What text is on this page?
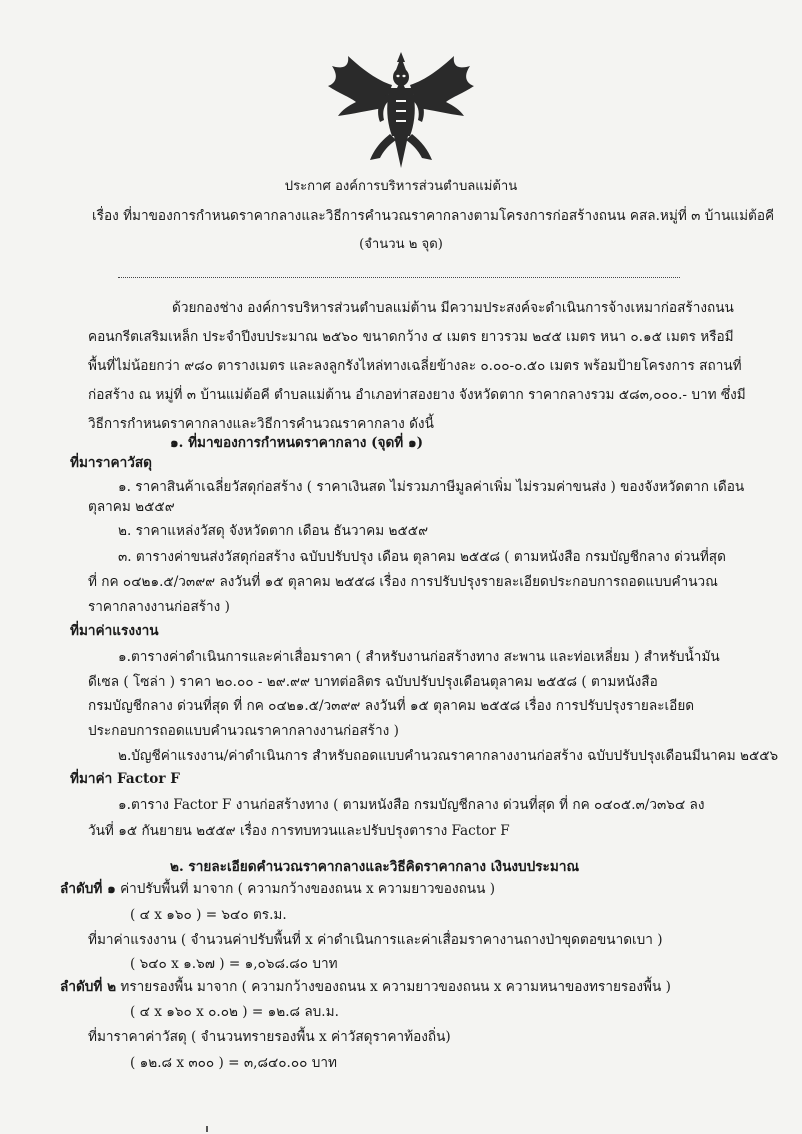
ประกาศ องค์การบริหารส่วนตำบลแม่ต้าน
เรื่อง ที่มาของการกำหนดราคากลางและวิธีการคำนวณราคากลางตามโครงการก่อสร้างถนน คสล.หมู่ที่ ๓ บ้านแม่ต้อคี
(จำนวน ๒ จุด)
ด้วยกองช่าง องค์การบริหารส่วนตำบลแม่ต้าน มีความประสงค์จะดำเนินการจ้างเหมาก่อสร้างถนน
คอนกรีตเสริมเหล็ก ประจำปีงบประมาณ ๒๕๖๐ ขนาดกว้าง ๔ เมตร ยาวรวม ๒๔๕ เมตร หนา ๐.๑๕ เมตร หรือมี
พื้นที่ไม่น้อยกว่า ๙๘๐ ตารางเมตร และลงลูกรังไหล่ทางเฉลี่ยข้างละ ๐.๐๐-๐.๕๐ เมตร พร้อมป้ายโครงการ สถานที่
ก่อสร้าง ณ หมู่ที่ ๓ บ้านแม่ต้อคี ตำบลแม่ต้าน อำเภอท่าสองยาง จังหวัดตาก ราคากลางรวม ๕๘๓,๐๐๐.- บาท ซึ่งมี
วิธีการกำหนดราคากลางและวิธีการคำนวณราคากลาง ดังนี้
๑. ที่มาของการกำหนดราคากลาง (จุดที่ ๑)
ที่มาราคาวัสดุ
๑. ราคาสินค้าเฉลี่ยวัสดุก่อสร้าง ( ราคาเงินสด ไม่รวมภาษีมูลค่าเพิ่ม ไม่รวมค่าขนส่ง ) ของจังหวัดตาก เดือน
ตุลาคม ๒๕๕๙
๒. ราคาแหล่งวัสดุ จังหวัดตาก เดือน ธันวาคม ๒๕๕๙
๓. ตารางค่าขนส่งวัสดุก่อสร้าง ฉบับปรับปรุง เดือน ตุลาคม ๒๕๕๘ ( ตามหนังสือ กรมบัญชีกลาง ด่วนที่สุด
ที่ กค ๐๔๒๑.๕/ว๓๙๙ ลงวันที่ ๑๕ ตุลาคม ๒๕๕๘ เรื่อง การปรับปรุงรายละเอียดประกอบการถอดแบบคำนวณ
ราคากลางงานก่อสร้าง )
ที่มาค่าแรงงาน
๑.ตารางค่าดำเนินการและค่าเสื่อมราคา ( สำหรับงานก่อสร้างทาง สะพาน และท่อเหลี่ยม ) สำหรับน้ำมัน
ดีเซล ( โซล่า ) ราคา ๒๐.๐๐ - ๒๙.๙๙ บาทต่อลิตร ฉบับปรับปรุงเดือนตุลาคม ๒๕๕๘ ( ตามหนังสือ
กรมบัญชีกลาง ด่วนที่สุด ที่ กค ๐๔๒๑.๕/ว๓๙๙ ลงวันที่ ๑๕ ตุลาคม ๒๕๕๘ เรื่อง การปรับปรุงรายละเอียด
ประกอบการถอดแบบคำนวณราคากลางงานก่อสร้าง )
๒.บัญชีค่าแรงงาน/ค่าดำเนินการ สำหรับถอดแบบคำนวณราคากลางงานก่อสร้าง ฉบับปรับปรุงเดือนมีนาคม ๒๕๕๖
ที่มาค่า Factor F
๑.ตาราง Factor F งานก่อสร้างทาง ( ตามหนังสือ กรมบัญชีกลาง ด่วนที่สุด ที่ กค ๐๔๐๕.๓/ว๓๖๔ ลง
วันที่ ๑๕ กันยายน ๒๕๕๙ เรื่อง การทบทวนและปรับปรุงตาราง Factor F
๒. รายละเอียดคำนวณราคากลางและวิธีคิดราคากลาง เงินงบประมาณ
ลำดับที่ ๑ ค่าปรับพื้นที่ มาจาก ( ความกว้างของถนน x ความยาวของถนน )
( ๔ x ๑๖๐ ) = ๖๔๐ ตร.ม.
ที่มาค่าแรงงาน ( จำนวนค่าปรับพื้นที่ x ค่าดำเนินการและค่าเสื่อมราคางานถางป่าขุดตอขนาดเบา )
( ๖๔๐ x ๑.๖๗ ) = ๑,๐๖๘.๘๐ บาท
ลำดับที่ ๒ ทรายรองพื้น มาจาก ( ความกว้างของถนน x ความยาวของถนน x ความหนาของทรายรองพื้น )
( ๔ x ๑๖๐ x ๐.๐๒ ) = ๑๒.๘ ลบ.ม.
ที่มาราคาค่าวัสดุ ( จำนวนทรายรองพื้น x ค่าวัสดุราคาท้องถิ่น)
( ๑๒.๘ x ๓๐๐ ) = ๓,๘๔๐.๐๐ บาท
